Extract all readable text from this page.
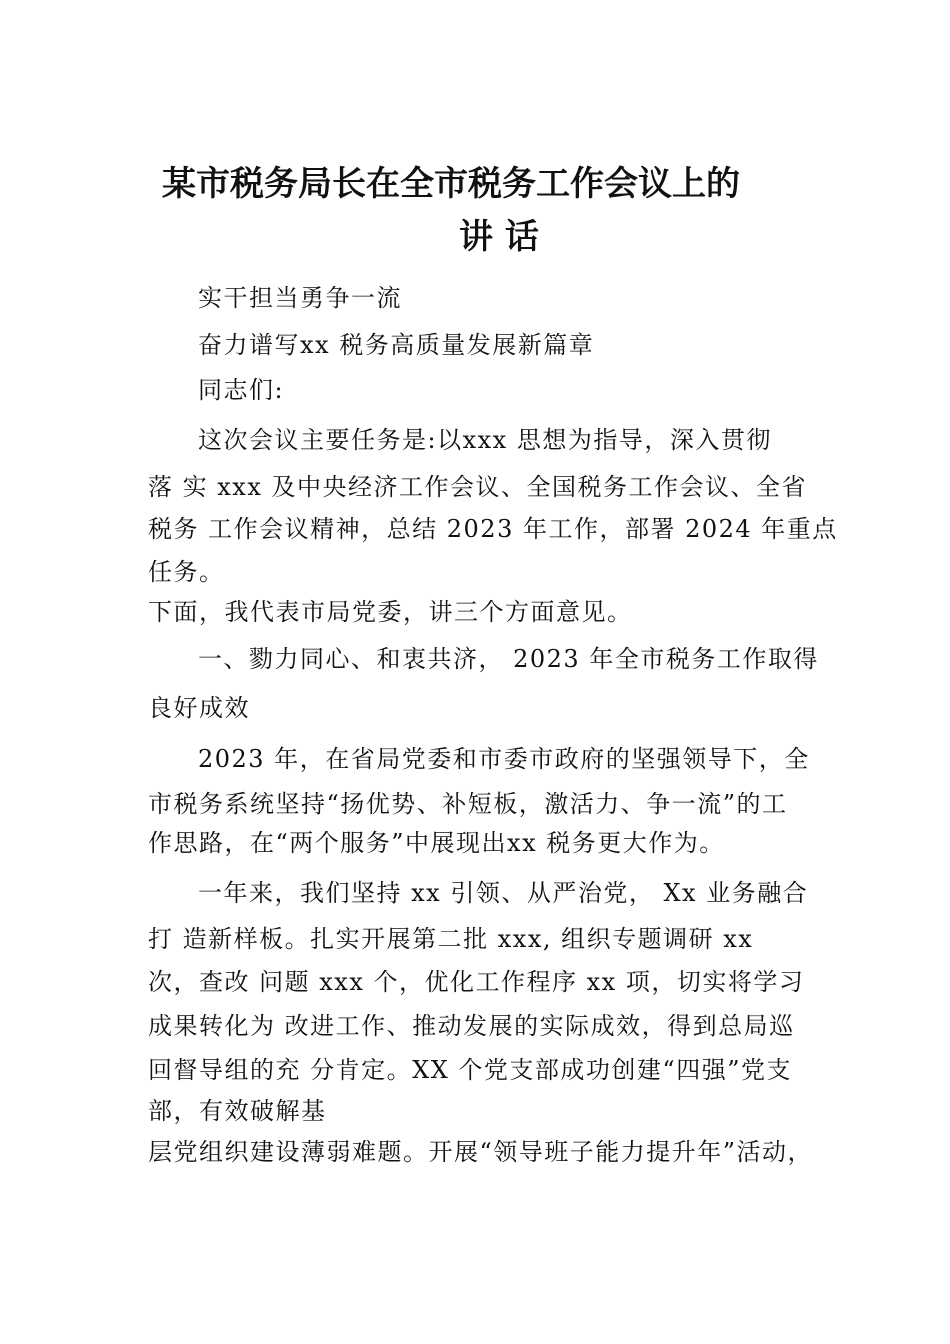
某市税务局长在全市税务工作会议上的
讲 话
实干担当勇争一流
奋力谱写xx 税务高质量发展新篇章
同志们:
这次会议主要任务是:以xxx 思想为指导，深入贯彻
落 实 xxx 及中央经济工作会议、全国税务工作会议、全省
税务 工作会议精神，总结 2023 年工作，部署 2024 年重点
任务。
下面，我代表市局党委，讲三个方面意见。
一、勠力同心、和衷共济， 2023 年全市税务工作取得
良好成效
2023 年，在省局党委和市委市政府的坚强领导下，全
市税务系统坚持“扬优势、补短板，激活力、争一流”的工
作思路，在“两个服务”中展现出xx 税务更大作为。
一年来，我们坚持 xx 引领、从严治党， Xx 业务融合
打 造新样板。扎实开展第二批 xxx, 组织专题调研 xx
次，查改 问题 xxx 个，优化工作程序 xx 项，切实将学习
成果转化为 改进工作、推动发展的实际成效，得到总局巡
回督导组的充 分肯定。XX 个党支部成功创建“四强”党支
部，有效破解基
层党组织建设薄弱难题。开展“领导班子能力提升年”活动，
